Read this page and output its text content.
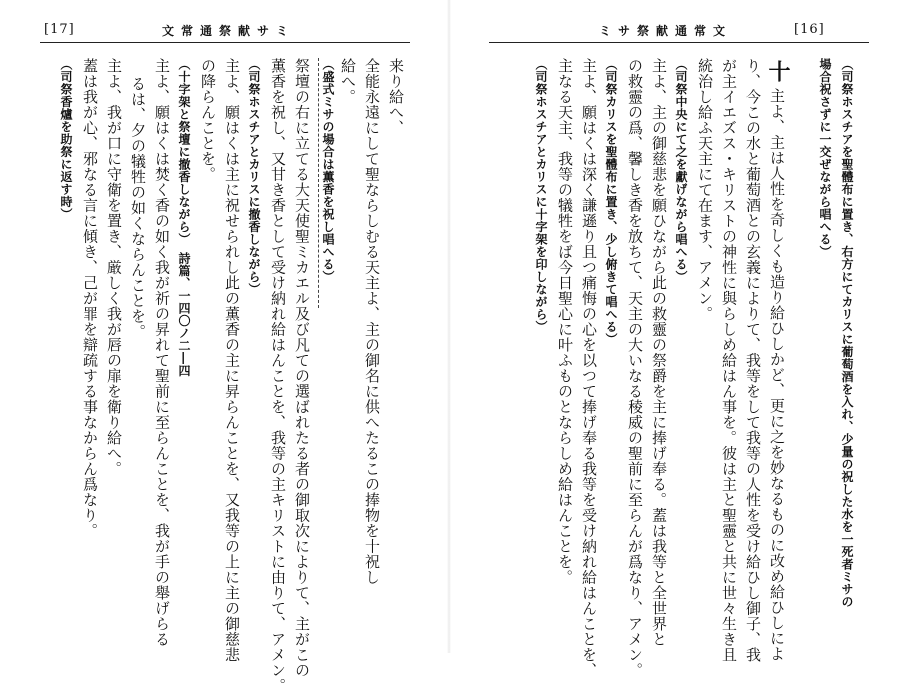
[17]	文常通祭献サミ
来り給へ、
全能永遠にして聖ならしむる天主よ、主の御名に供へたるこの捧物を十祝し
給へ。
（盛式ミサの場合は薫香を祝し唱へる）
祭壇の右に立てる大天使聖ミカエル及び凡ての選ばれたる者の御取次によりて、主がこの
薫香を祝し、又甘き香として受け納れ給はんことを、我等の主キリストに由りて、アメン。
（司祭ホスチアとカリスに撤香しながら）
主よ、願はくは主に祝せられし此の薫香の主に昇らんことを、又我等の上に主の御慈悲
の降らんことを。
（十字架と祭壇に撤香しながら）　詩篇、一四〇ノ二―四
主よ、願はくは焚く香の如く我が祈の昇れて聖前に至らんことを、我が手の舉げらる
るは、夕の犠牲の如くならんことを。
主よ、我が口に守衛を置き、厳しく我が唇の扉を衛り給へ。
蓋は我が心、邪なる言に傾き、己が罪を辯疏する事なからん爲なり。
（司祭香爐を助祭に返す時）
ミサ祭献通常文	[16]
（司祭ホスチアを聖體布に置き、右方にてカリスに葡萄酒を入れ、少量の祝した水を一死者ミサの
場合祝さずに一交ぜながら唱へる）
十
主よ、主は人性を奇しくも造り給ひしかど、更に之を妙なるものに改め給ひしによ
り、今この水と葡萄酒との玄義によりて、我等をして我等の人性を受け給ひし御子、我
が主イエズス・キリストの神性に與らしめ給はん事を。彼は主と聖靈と共に世々生き且
統治し給ふ天主にて在ます、アメン。
（司祭中央にて之を獻げながら唱へる）
主よ、主の御慈悲を願ひながら此の救靈の祭爵を主に捧げ奉る。蓋は我等と全世界と
の救靈の爲、馨しき香を放ちて、天主の大いなる稜威の聖前に至らんが爲なり、アメン。
（司祭カリスを聖體布に置き、少し俯きて唱へる）
主よ、願はくは深く謙遜り且つ痛悔の心を以つて捧げ奉る我等を受け納れ給はんことを、
主なる天主、我等の犠牲をば今日聖心に叶ふものとならしめ給はんことを。
（司祭ホスチアとカリスに十字架を印しながら）
